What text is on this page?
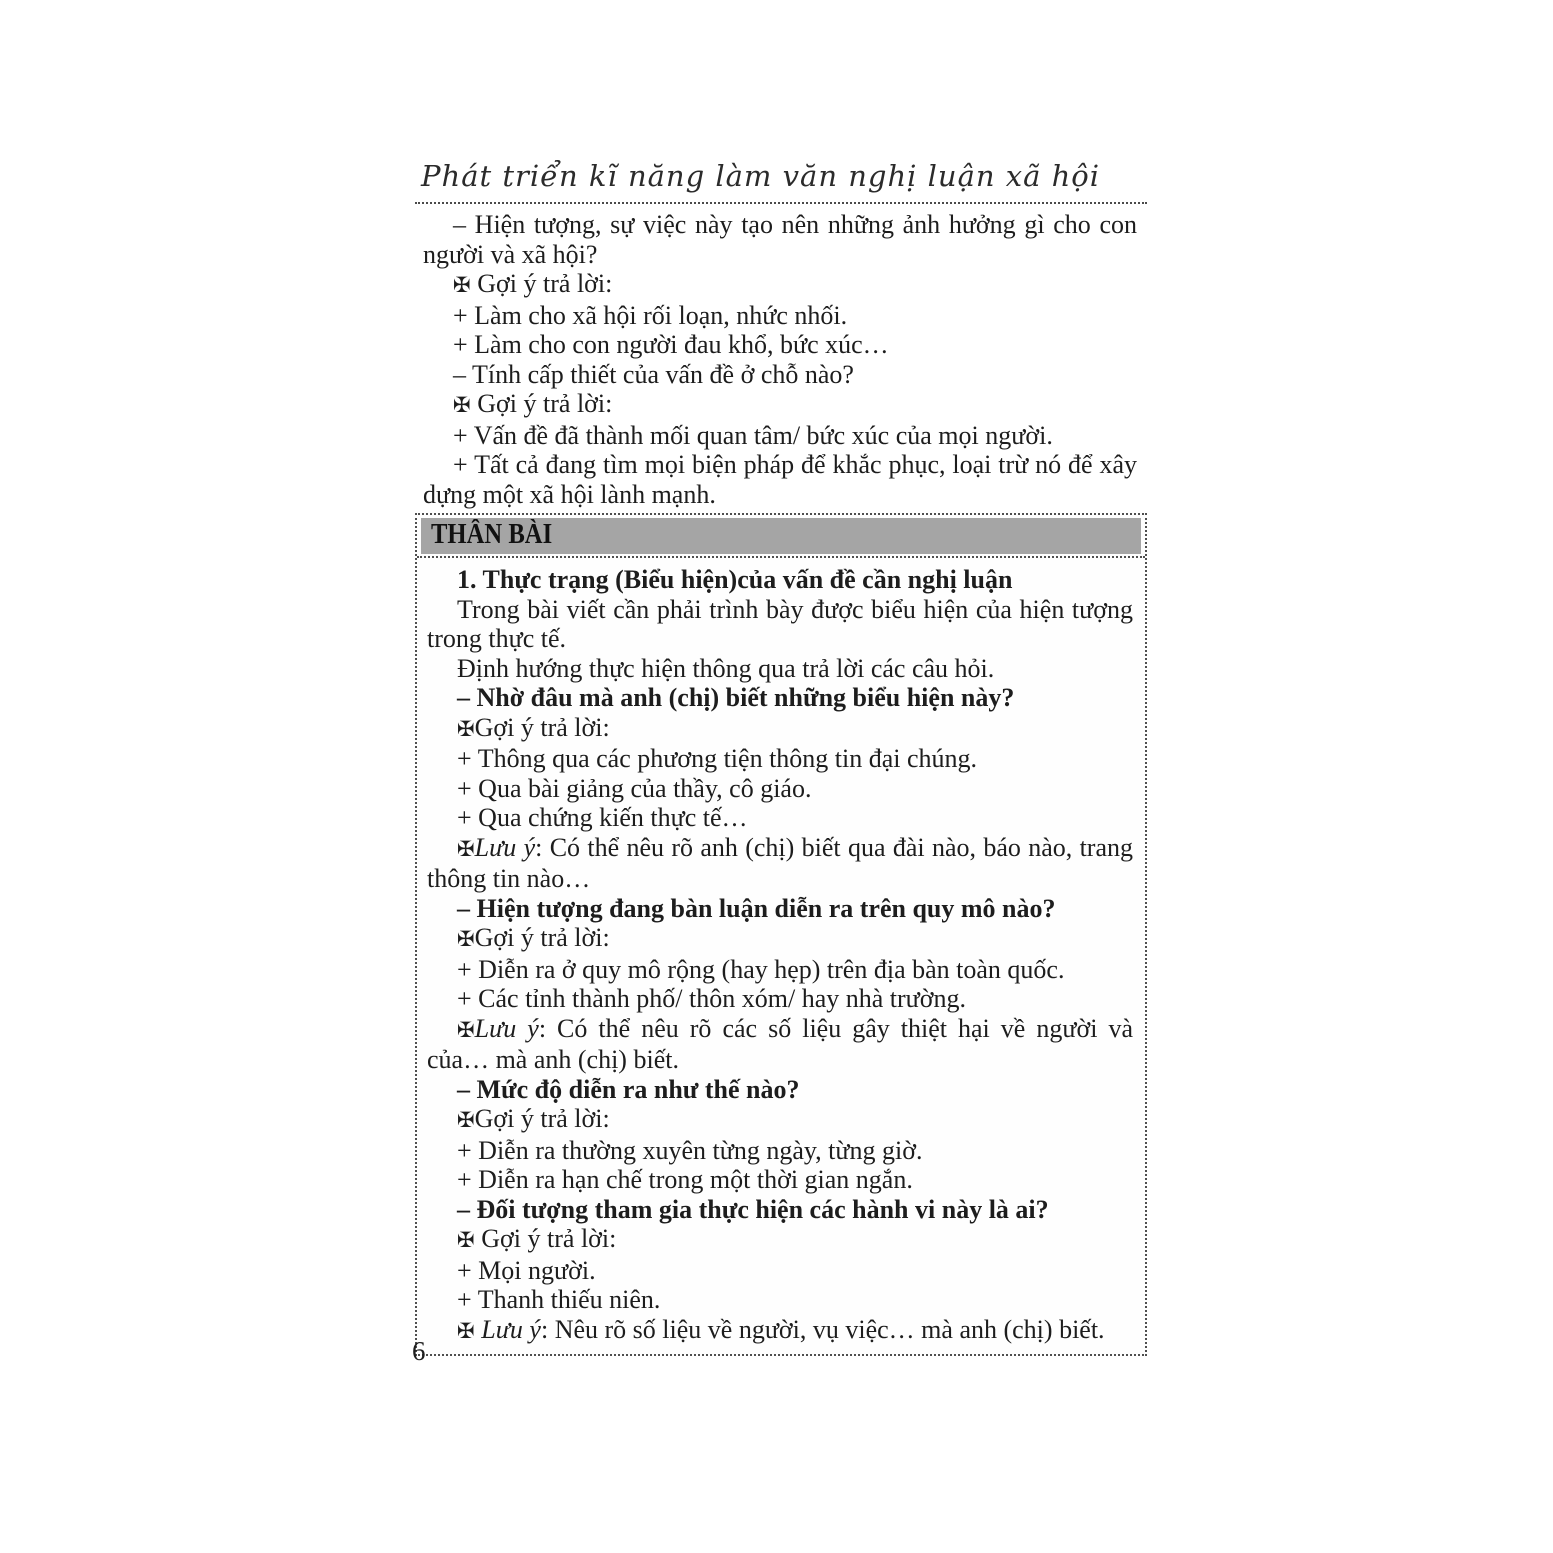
Phát triển kĩ năng làm văn nghị luận xã hội

– Hiện tượng, sự việc này tạo nên những ảnh hưởng gì cho con người và xã hội?

✠ Gợi ý trả lời:

+ Làm cho xã hội rối loạn, nhức nhối.

+ Làm cho con người đau khổ, bức xúc…

– Tính cấp thiết của vấn đề ở chỗ nào?

✠ Gợi ý trả lời:

+ Vấn đề đã thành mối quan tâm/ bức xúc của mọi người.

+ Tất cả đang tìm mọi biện pháp để khắc phục, loại trừ nó để xây dựng một xã hội lành mạnh.

THÂN BÀI

1. Thực trạng (Biểu hiện)của vấn đề cần nghị luận

Trong bài viết cần phải trình bày được biểu hiện của hiện tượng trong thực tế.

Định hướng thực hiện thông qua trả lời các câu hỏi.

– Nhờ đâu mà anh (chị) biết những biểu hiện này?

✠Gợi ý trả lời:

+ Thông qua các phương tiện thông tin đại chúng.

+ Qua bài giảng của thầy, cô giáo.

+ Qua chứng kiến thực tế…

✠Lưu ý: Có thể nêu rõ anh (chị) biết qua đài nào, báo nào, trang thông tin nào…

– Hiện tượng đang bàn luận diễn ra trên quy mô nào?

✠Gợi ý trả lời:

+ Diễn ra ở quy mô rộng (hay hẹp) trên địa bàn toàn quốc.

+ Các tỉnh thành phố/ thôn xóm/ hay nhà trường.

✠Lưu ý: Có thể nêu rõ các số liệu gây thiệt hại về người và của… mà anh (chị) biết.

– Mức độ diễn ra như thế nào?

✠Gợi ý trả lời:

+ Diễn ra thường xuyên từng ngày, từng giờ.

+ Diễn ra hạn chế trong một thời gian ngắn.

– Đối tượng tham gia thực hiện các hành vi này là ai?

✠ Gợi ý trả lời:

+ Mọi người.

+ Thanh thiếu niên.

✠ Lưu ý: Nêu rõ số liệu về người, vụ việc… mà anh (chị) biết.

6
